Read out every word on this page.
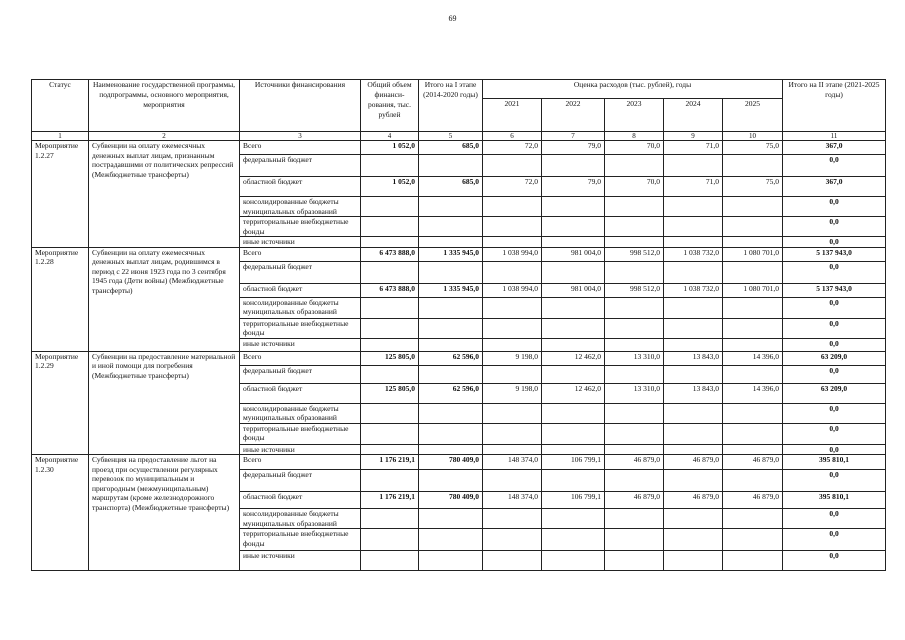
69
Статус	Наименование государственной программы, подпрограммы, основного мероприятия, мероприятия	Источники финансирования	Общий объем финанси-рования, тыс. рублей	Итого на I этапе (2014-2020 годы)	Оценка расходов (тыс. рублей), годы					Итого на II этапе (2021-2025 годы)
					2021	2022	2023	2024	2025	
1	2	3	4	5	6	7	8	9	10	11
Мероприятие 1.2.27	Субвенции на оплату ежемесячных денежных выплат лицам, признанным пострадавшими от политических репрессий (Межбюджетные трансферты)	Всего	1 052,0	685,0	72,0	79,0	70,0	71,0	75,0	367,0
		федеральный бюджет								0,0
		областной бюджет	1 052,0	685,0	72,0	79,0	70,0	71,0	75,0	367,0
		консолидированные бюджеты муниципальных образований								0,0
		территориальные внебюджетные фонды								0,0
		иные источники								0,0
Мероприятие 1.2.28	Субвенции на оплату ежемесячных денежных выплат лицам, родившимся в период с 22 июня 1923 года по 3 сентября 1945 года (Дети войны) (Межбюджетные трансферты)	Всего	6 473 888,0	1 335 945,0	1 038 994,0	981 004,0	998 512,0	1 038 732,0	1 080 701,0	5 137 943,0
		федеральный бюджет								0,0
		областной бюджет	6 473 888,0	1 335 945,0	1 038 994,0	981 004,0	998 512,0	1 038 732,0	1 080 701,0	5 137 943,0
		консолидированные бюджеты муниципальных образований								0,0
		территориальные внебюджетные фонды								0,0
		иные источники								0,0
Мероприятие 1.2.29	Субвенции на предоставление материальной и иной помощи для погребения (Межбюджетные трансферты)	Всего	125 805,0	62 596,0	9 198,0	12 462,0	13 310,0	13 843,0	14 396,0	63 209,0
		федеральный бюджет								0,0
		областной бюджет	125 805,0	62 596,0	9 198,0	12 462,0	13 310,0	13 843,0	14 396,0	63 209,0
		консолидированные бюджеты муниципальных образований								0,0
		территориальные внебюджетные фонды								0,0
		иные источники								0,0
Мероприятие 1.2.30	Субвенция на предоставление льгот на проезд при осуществлении регулярных перевозок по муниципальным и пригородным (межмуниципальным) маршрутам (кроме железнодорожного транспорта) (Межбюджетные трансферты)	Всего	1 176 219,1	780 409,0	148 374,0	106 799,1	46 879,0	46 879,0	46 879,0	395 810,1
		федеральный бюджет								0,0
		областной бюджет	1 176 219,1	780 409,0	148 374,0	106 799,1	46 879,0	46 879,0	46 879,0	395 810,1
		консолидированные бюджеты муниципальных образований								0,0
		территориальные внебюджетные фонды								0,0
		иные источники								0,0
